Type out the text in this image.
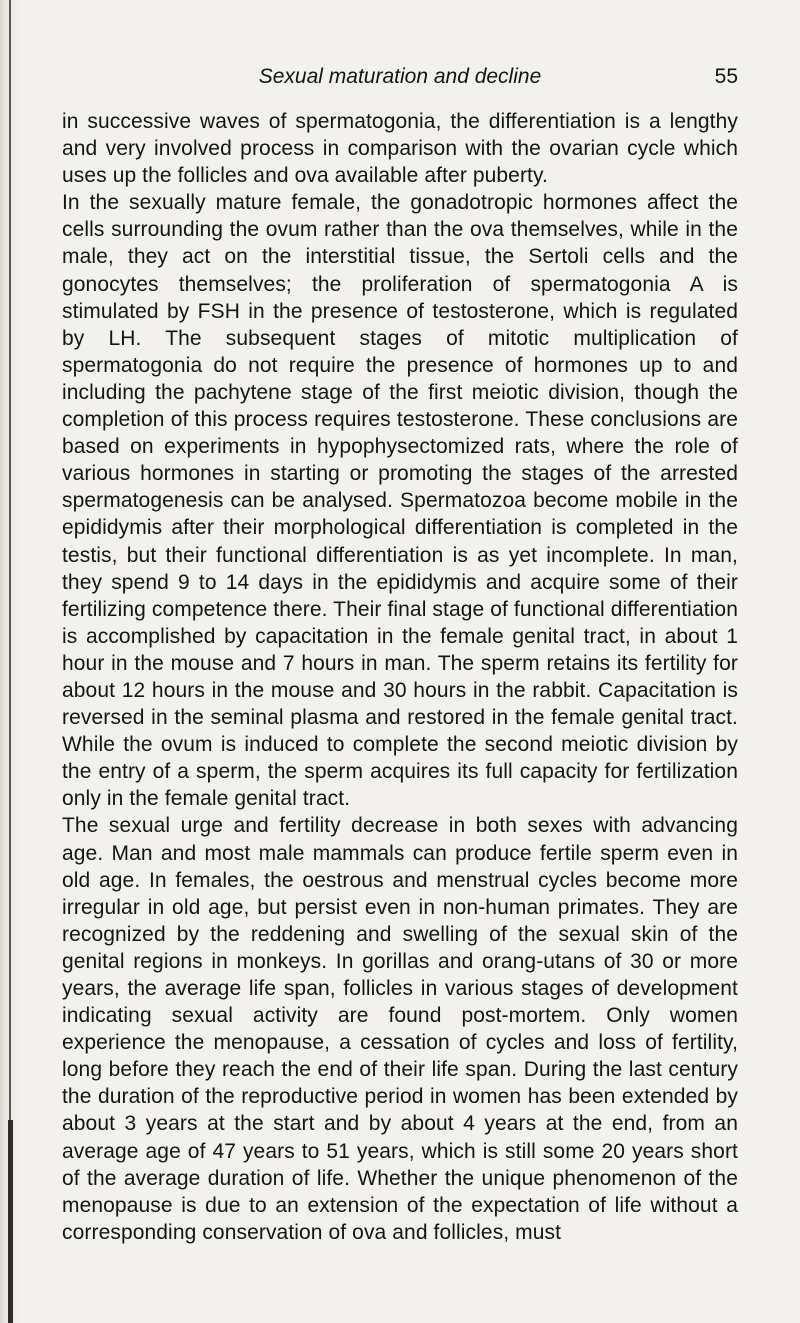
Sexual maturation and decline	55

in successive waves of spermatogonia, the differentiation is a lengthy and very involved process in comparison with the ovarian cycle which uses up the follicles and ova available after puberty.

In the sexually mature female, the gonadotropic hormones affect the cells surrounding the ovum rather than the ova themselves, while in the male, they act on the interstitial tissue, the Sertoli cells and the gonocytes themselves; the proliferation of spermatogonia A is stimulated by FSH in the presence of testosterone, which is regulated by LH. The subsequent stages of mitotic multiplication of spermatogonia do not require the presence of hormones up to and including the pachytene stage of the first meiotic division, though the completion of this process requires testosterone. These conclusions are based on experiments in hypophysectomized rats, where the role of various hormones in starting or promoting the stages of the arrested spermatogenesis can be analysed. Spermatozoa become mobile in the epididymis after their morphological differentiation is completed in the testis, but their functional differentiation is as yet incomplete. In man, they spend 9 to 14 days in the epididymis and acquire some of their fertilizing competence there. Their final stage of functional differentiation is accomplished by capacitation in the female genital tract, in about 1 hour in the mouse and 7 hours in man. The sperm retains its fertility for about 12 hours in the mouse and 30 hours in the rabbit. Capacitation is reversed in the seminal plasma and restored in the female genital tract. While the ovum is induced to complete the second meiotic division by the entry of a sperm, the sperm acquires its full capacity for fertilization only in the female genital tract.

The sexual urge and fertility decrease in both sexes with advancing age. Man and most male mammals can produce fertile sperm even in old age. In females, the oestrous and menstrual cycles become more irregular in old age, but persist even in non-human primates. They are recognized by the reddening and swelling of the sexual skin of the genital regions in monkeys. In gorillas and orang-utans of 30 or more years, the average life span, follicles in various stages of development indicating sexual activity are found post-mortem. Only women experience the menopause, a cessation of cycles and loss of fertility, long before they reach the end of their life span. During the last century the duration of the reproductive period in women has been extended by about 3 years at the start and by about 4 years at the end, from an average age of 47 years to 51 years, which is still some 20 years short of the average duration of life. Whether the unique phenomenon of the menopause is due to an extension of the expectation of life without a corresponding conservation of ova and follicles, must
